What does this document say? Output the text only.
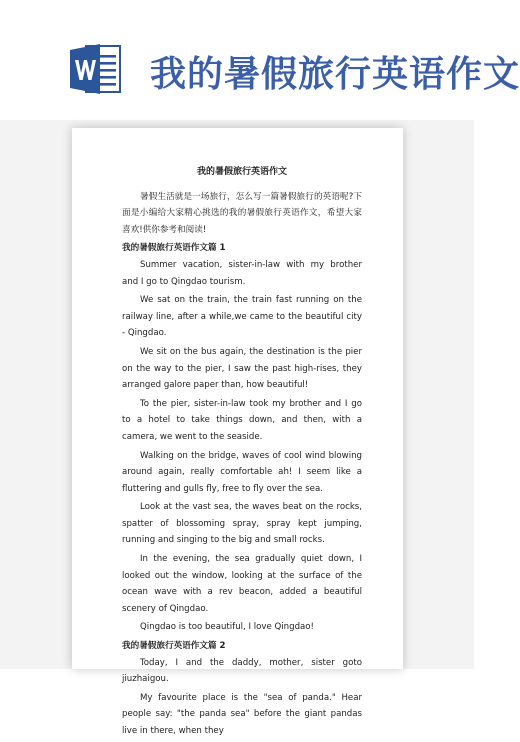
我的暑假旅行英语作文
我的暑假旅行英语作文

暑假生活就是一场旅行，怎么写一篇暑假旅行的英语呢?下面是小编给大家精心挑选的我的暑假旅行英语作文，希望大家喜欢!供你参考和阅读!

我的暑假旅行英语作文篇 1

Summer vacation, sister-in-law with my brother and I go to Qingdao tourism.

We sat on the train, the train fast running on the railway line, after a while,we came to the beautiful city - Qingdao.

We sit on the bus again, the destination is the pier on the way to the pier, I saw the past high-rises, they arranged galore paper than, how beautiful!

To the pier, sister-in-law took my brother and I go to a hotel to take things down, and then, with a camera, we went to the seaside.

Walking on the bridge, waves of cool wind blowing around again, really comfortable ah! I seem like a fluttering and gulls fly, free to fly over the sea.

Look at the vast sea, the waves beat on the rocks, spatter of blossoming spray, spray kept jumping, running and singing to the big and small rocks.

In the evening, the sea gradually quiet down, I looked out the window, looking at the surface of the ocean wave with a rev beacon, added a beautiful scenery of Qingdao.

Qingdao is too beautiful, I love Qingdao!

我的暑假旅行英语作文篇 2

Today, I and the daddy, mother, sister goto jiuzhaigou.

My favourite place is the "sea of panda." Hear people say: "the panda sea" before the giant pandas live in there, when they
